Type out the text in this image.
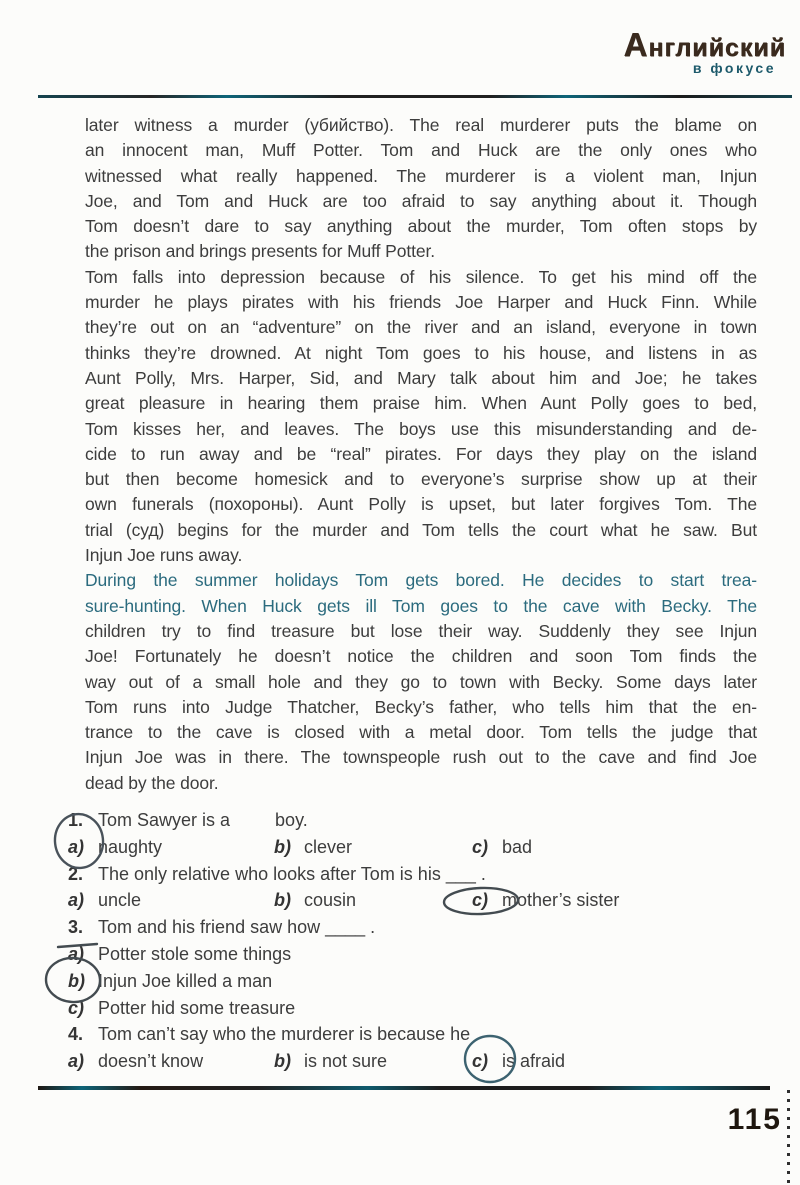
Английский
в фокусе
later witness a murder (убийство). The real murderer puts the blame on
an innocent man, Muff Potter. Tom and Huck are the only ones who
witnessed what really happened. The murderer is a violent man, Injun
Joe, and Tom and Huck are too afraid to say anything about it. Though
Tom doesn’t dare to say anything about the murder, Tom often stops by
the prison and brings presents for Muff Potter.
Tom falls into depression because of his silence. To get his mind off the
murder he plays pirates with his friends Joe Harper and Huck Finn. While
they’re out on an “adventure” on the river and an island, everyone in town
thinks they’re drowned. At night Tom goes to his house, and listens in as
Aunt Polly, Mrs. Harper, Sid, and Mary talk about him and Joe; he takes
great pleasure in hearing them praise him. When Aunt Polly goes to bed,
Tom kisses her, and leaves. The boys use this misunderstanding and de-
cide to run away and be “real” pirates. For days they play on the island
but then become homesick and to everyone’s surprise show up at their
own funerals (похороны). Aunt Polly is upset, but later forgives Tom. The
trial (суд) begins for the murder and Tom tells the court what he saw. But
Injun Joe runs away.
During the summer holidays Tom gets bored. He decides to start trea-
sure-hunting. When Huck gets ill Tom goes to the cave with Becky. The
children try to find treasure but lose their way. Suddenly they see Injun
Joe! Fortunately he doesn’t notice the children and soon Tom finds the
way out of a small hole and they go to town with Becky. Some days later
Tom runs into Judge Thatcher, Becky’s father, who tells him that the en-
trance to the cave is closed with a metal door. Tom tells the judge that
Injun Joe was in there. The townspeople rush out to the cave and find Joe
dead by the door.
1. Tom Sawyer is a         boy.
a) naughty	b) clever	c) bad
2. The only relative who looks after Tom is his ___ .
a) uncle	b) cousin	c) mother’s sister
3. Tom and his friend saw how ____ .
a) Potter stole some things
b) Injun Joe killed a man
c) Potter hid some treasure
4. Tom can’t say who the murderer is because he
a) doesn’t know	b) is not sure	c) is afraid
115
